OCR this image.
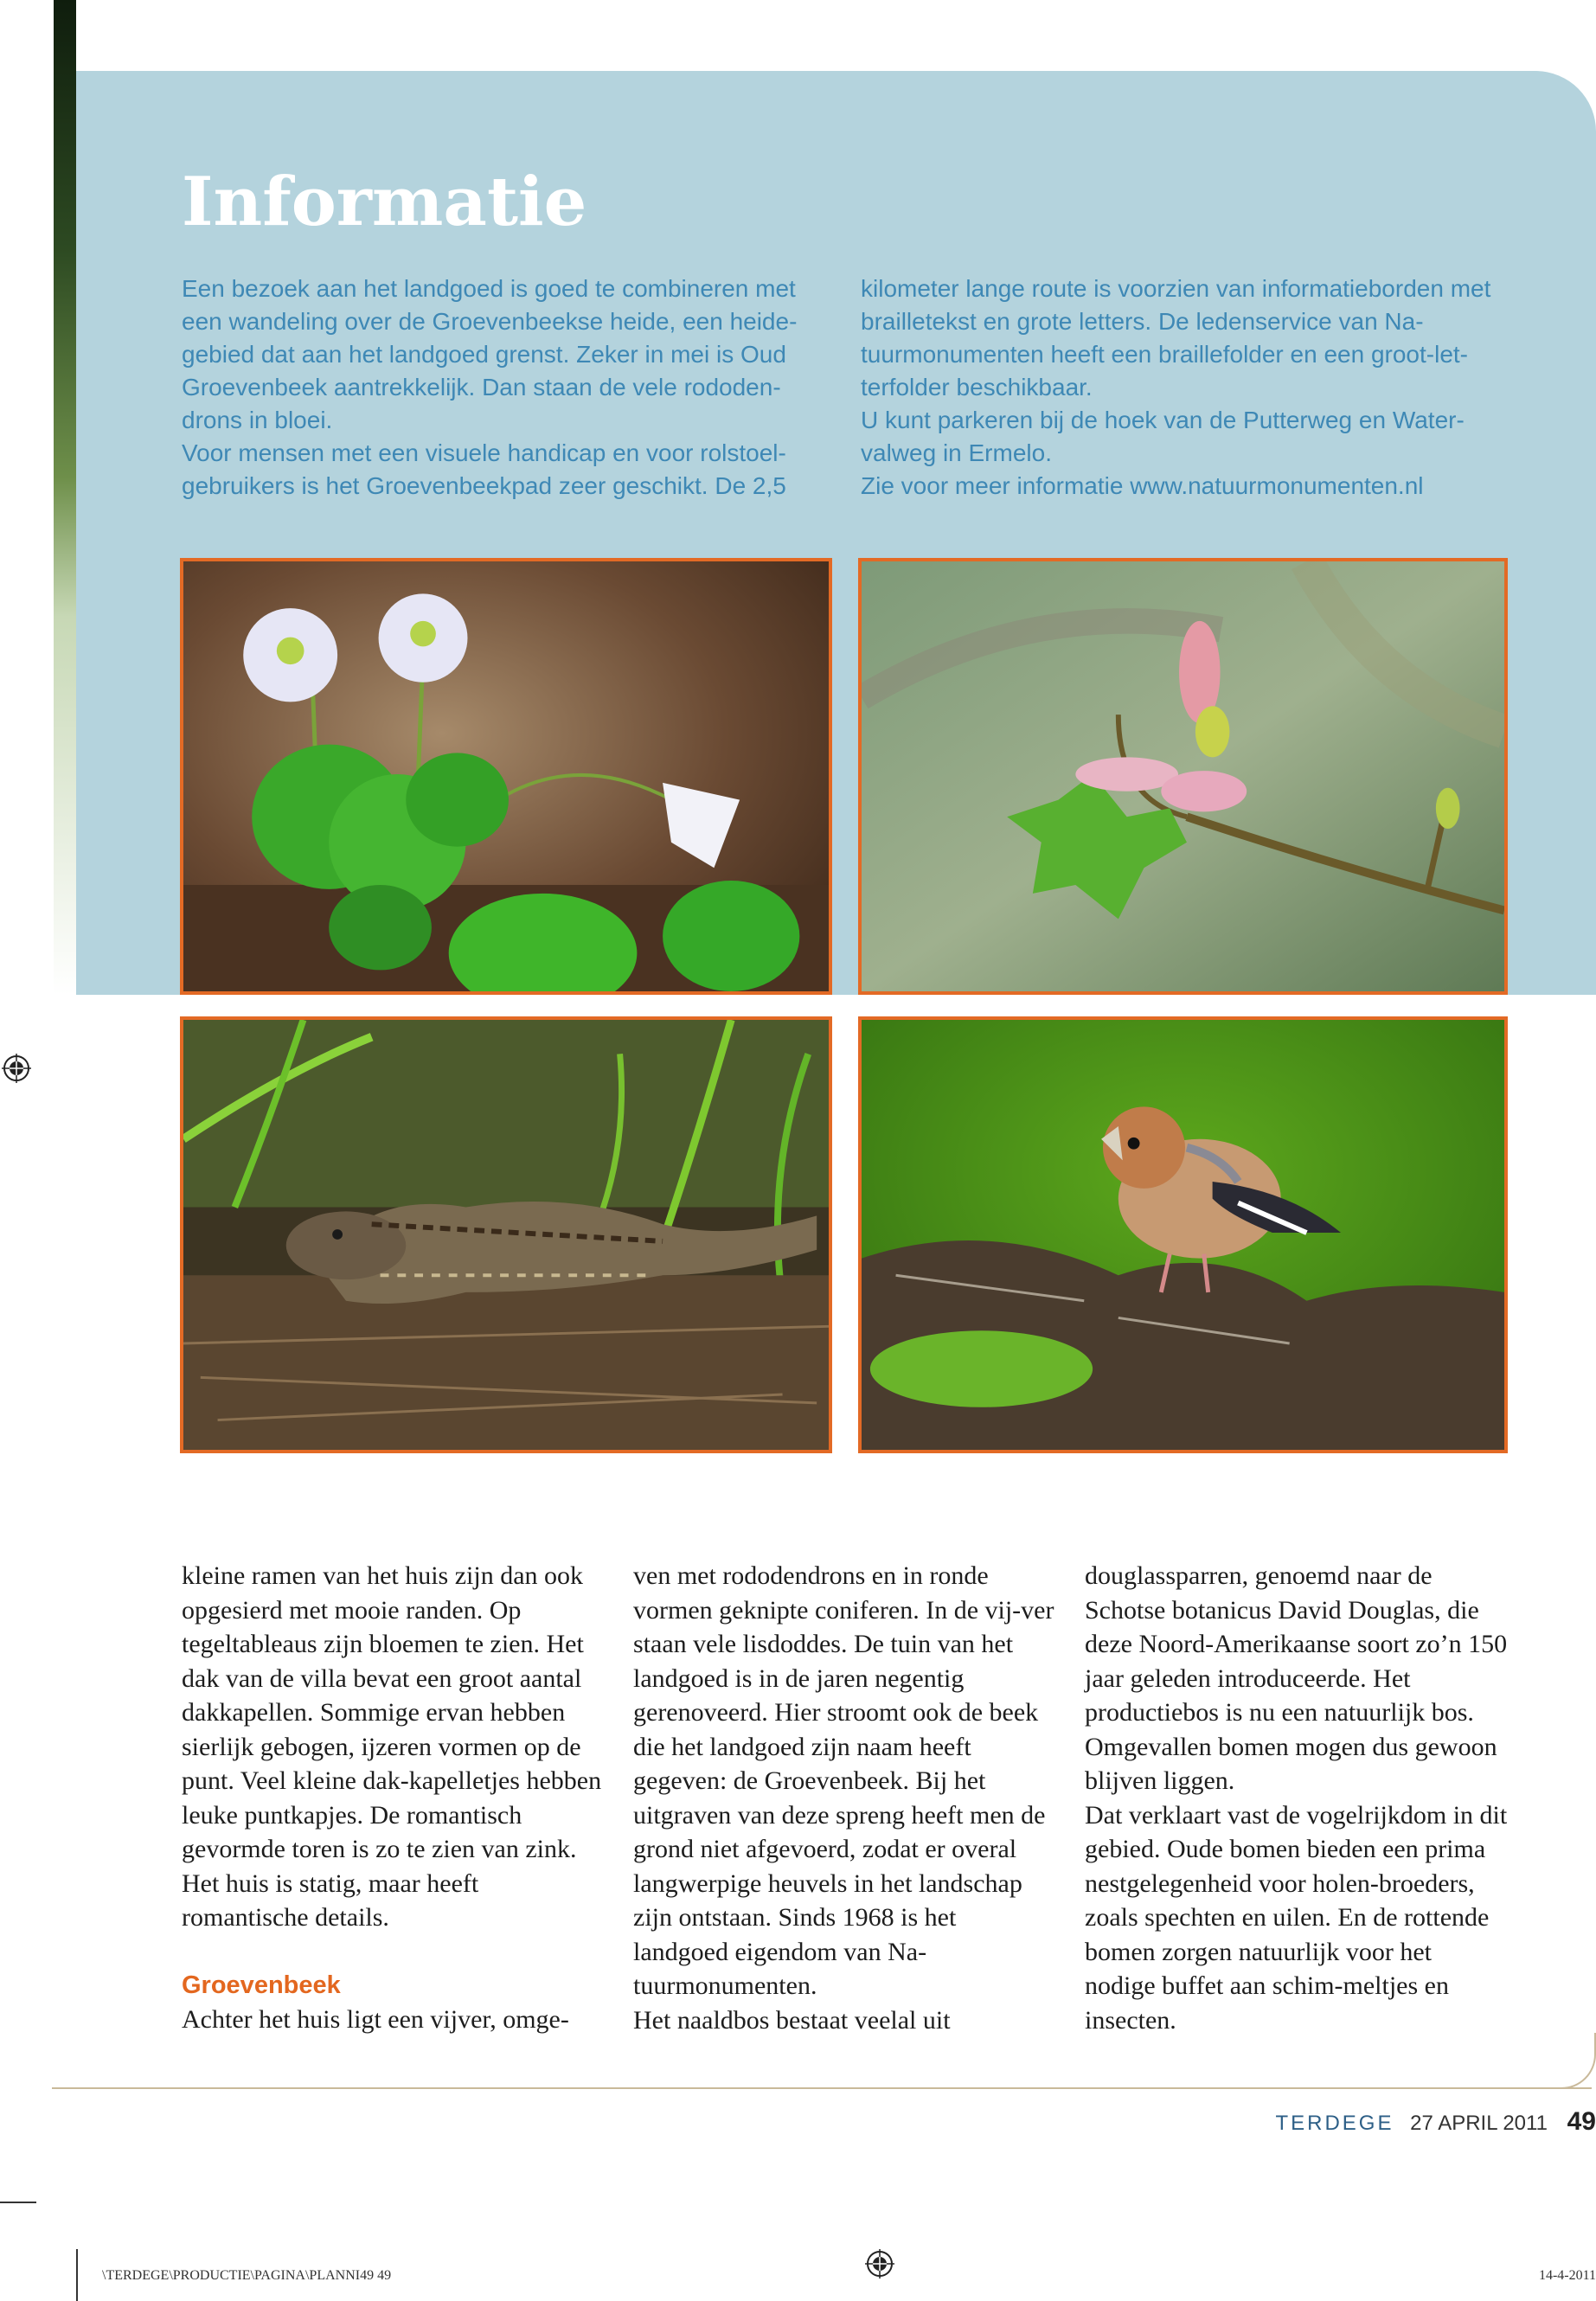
Informatie

Een bezoek aan het landgoed is goed te combineren met een wandeling over de Groevenbeekse heide, een heide-gebied dat aan het landgoed grenst. Zeker in mei is Oud Groevenbeek aantrekkelijk. Dan staan de vele rododen-drons in bloei.

Voor mensen met een visuele handicap en voor rolstoel-gebruikers is het Groevenbeekpad zeer geschikt. De 2,5

kilometer lange route is voorzien van informatieborden met brailletekst en grote letters. De ledenservice van Na-tuurmonumenten heeft een braillefolder en een groot-let-terfolder beschikbaar.

U kunt parkeren bij de hoek van de Putterweg en Water-valweg in Ermelo.

Zie voor meer informatie www.natuurmonumenten.nl

kleine ramen van het huis zijn dan ook opgesierd met mooie randen. Op tegeltableaus zijn bloemen te zien. Het dak van de villa bevat een groot aantal dakkapellen. Sommige ervan hebben sierlijk gebogen, ijzeren vormen op de punt. Veel kleine dak-kapelletjes hebben leuke puntkapjes. De romantisch gevormde toren is zo te zien van zink. Het huis is statig, maar heeft romantische details.

Groevenbeek

Achter het huis ligt een vijver, omge-

ven met rododendrons en in ronde vormen geknipte coniferen. In de vij-ver staan vele lisdoddes. De tuin van het landgoed is in de jaren negentig gerenoveerd. Hier stroomt ook de beek die het landgoed zijn naam heeft gegeven: de Groevenbeek. Bij het uitgraven van deze spreng heeft men de grond niet afgevoerd, zodat er overal langwerpige heuvels in het landschap zijn ontstaan. Sinds 1968 is het landgoed eigendom van Na-tuurmonumenten.

Het naaldbos bestaat veelal uit

douglassparren, genoemd naar de Schotse botanicus David Douglas, die deze Noord-Amerikaanse soort zo’n 150 jaar geleden introduceerde. Het productiebos is nu een natuurlijk bos. Omgevallen bomen mogen dus gewoon blijven liggen.

Dat verklaart vast de vogelrijkdom in dit gebied. Oude bomen bieden een prima nestgelegenheid voor holen-broeders, zoals spechten en uilen. En de rottende bomen zorgen natuurlijk voor het nodige buffet aan schim-meltjes en insecten.

TERDEGE 27 APRIL 2011 49
\TERDEGE\PRODUCTIE\PAGINA\PLANNI49 49	14-4-2011
